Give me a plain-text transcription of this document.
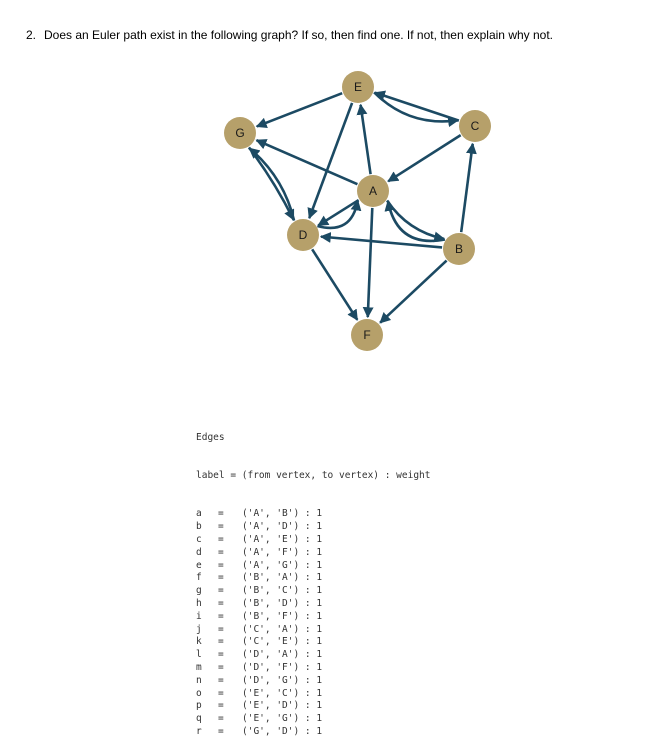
2. Does an Euler path exist in the following graph? If so, then find one. If not, then explain why not.
E
C
G
A
D
B
F

Edges

label = (from vertex, to vertex) : weight

a	=	('A', 'B') : 1
b	=	('A', 'D') : 1
c	=	('A', 'E') : 1
d	=	('A', 'F') : 1
e	=	('A', 'G') : 1
f	=	('B', 'A') : 1
g	=	('B', 'C') : 1
h	=	('B', 'D') : 1
i	=	('B', 'F') : 1
j	=	('C', 'A') : 1
k	=	('C', 'E') : 1
l	=	('D', 'A') : 1
m	=	('D', 'F') : 1
n	=	('D', 'G') : 1
o	=	('E', 'C') : 1
p	=	('E', 'D') : 1
q	=	('E', 'G') : 1
r	=	('G', 'D') : 1
